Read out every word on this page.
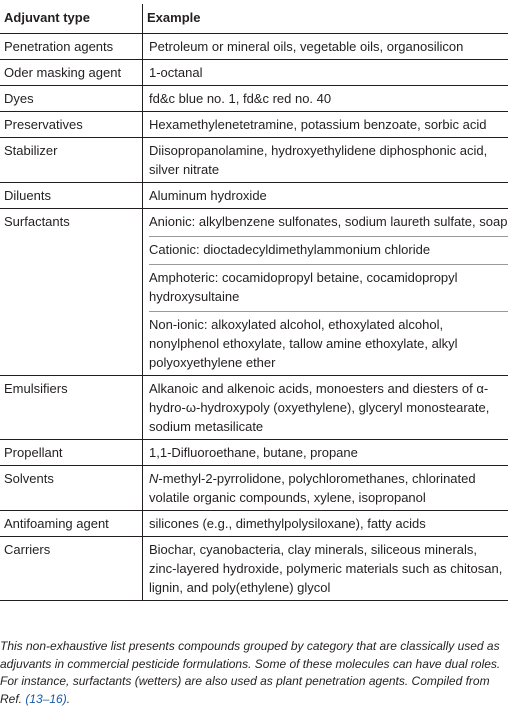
Adjuvant type	Example
Penetration agents	Petroleum or mineral oils, vegetable oils, organosilicon
Oder masking agent	1-octanal
Dyes	fd&c blue no. 1, fd&c red no. 40
Preservatives	Hexamethylenetetramine, potassium benzoate, sorbic acid
Stabilizer	Diisopropanolamine, hydroxyethylidene diphosphonic acid, silver nitrate
Diluents	Aluminum hydroxide
Surfactants	Anionic: alkylbenzene sulfonates, sodium laureth sulfate, soap
Cationic: dioctadecyldimethylammonium chloride
Amphoteric: cocamidopropyl betaine, cocamidopropyl hydroxysultaine
Non-ionic: alkoxylated alcohol, ethoxylated alcohol, nonylphenol ethoxylate, tallow amine ethoxylate, alkyl polyoxyethylene ether

Emulsifiers	Alkanoic and alkenoic acids, monoesters and diesters of α-hydro-ω-hydroxypoly (oxyethylene), glyceryl monostearate, sodium metasilicate
Propellant	1,1-Difluoroethane, butane, propane
Solvents	N-methyl-2-pyrrolidone, polychloromethanes, chlorinated volatile organic compounds, xylene, isopropanol
Antifoaming agent	silicones (e.g., dimethylpolysiloxane), fatty acids
Carriers	Biochar, cyanobacteria, clay minerals, siliceous minerals, zinc-layered hydroxide, polymeric materials such as chitosan, lignin, and poly(ethylene) glycol
This non-exhaustive list presents compounds grouped by category that are classically used as adjuvants in commercial pesticide formulations. Some of these molecules can have dual roles. For instance, surfactants (wetters) are also used as plant penetration agents. Compiled from Ref. (13–16).
